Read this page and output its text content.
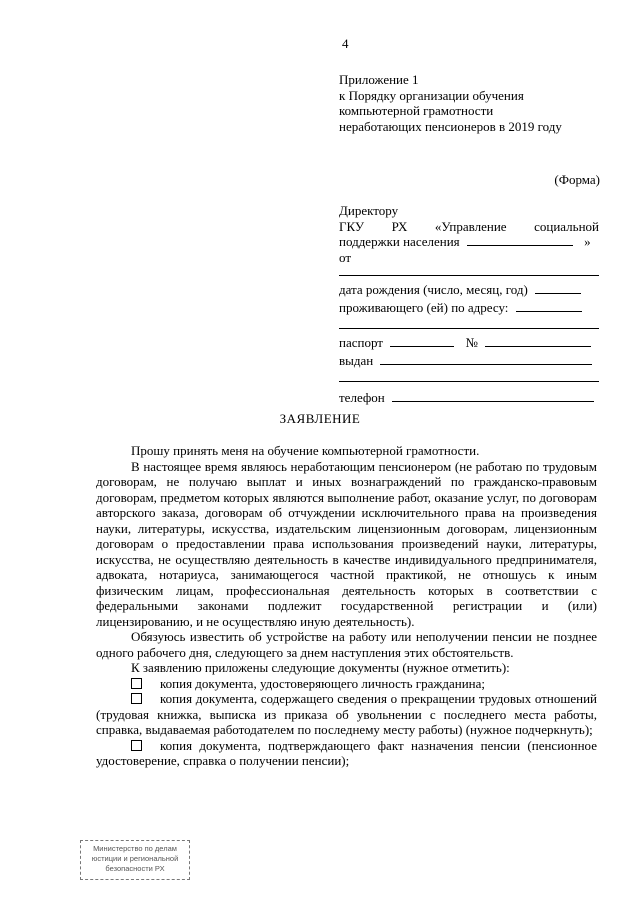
4
Приложение 1
к Порядку организации обучения
компьютерной грамотности
неработающих пенсионеров в 2019 году
(Форма)
Директору
ГКУ РХ «Управление социальной
поддержки населения	»
от
дата рождения (число, месяц, год)
проживающего (ей) по адресу:
паспорт	№
выдан
телефон
ЗАЯВЛЕНИЕ

Прошу принять меня на обучение компьютерной грамотности.

В настоящее время являюсь неработающим пенсионером (не работаю по трудовым договорам, не получаю выплат и иных вознаграждений по гражданско-правовым договорам, предметом которых являются выполнение работ, оказание услуг, по договорам авторского заказа, договорам об отчуждении исключительного права на произведения науки, литературы, искусства, издательским лицензионным договорам, лицензионным договорам о предоставлении права использования произведений науки, литературы, искусства, не осуществляю деятельность в качестве индивидуального предпринимателя, адвоката, нотариуса, занимающегося частной практикой, не отношусь к иным физическим лицам, профессиональная деятельность которых в соответствии с федеральными законами подлежит государственной регистрации и (или) лицензированию, и не осуществляю иную деятельность).

Обязуюсь известить об устройстве на работу или неполучении пенсии не позднее одного рабочего дня, следующего за днем наступления этих обстоятельств.

К заявлению приложены следующие документы (нужное отметить):

копия документа, удостоверяющего личность гражданина;

копия документа, содержащего сведения о прекращении трудовых отношений (трудовая книжка, выписка из приказа об увольнении с последнего места работы, справка, выдаваемая работодателем по последнему месту работы) (нужное подчеркнуть);

копия документа, подтверждающего факт назначения пенсии (пенсионное удостоверение, справка о получении пенсии);

Министерство по делам
юстиции и региональной
безопасности РХ
